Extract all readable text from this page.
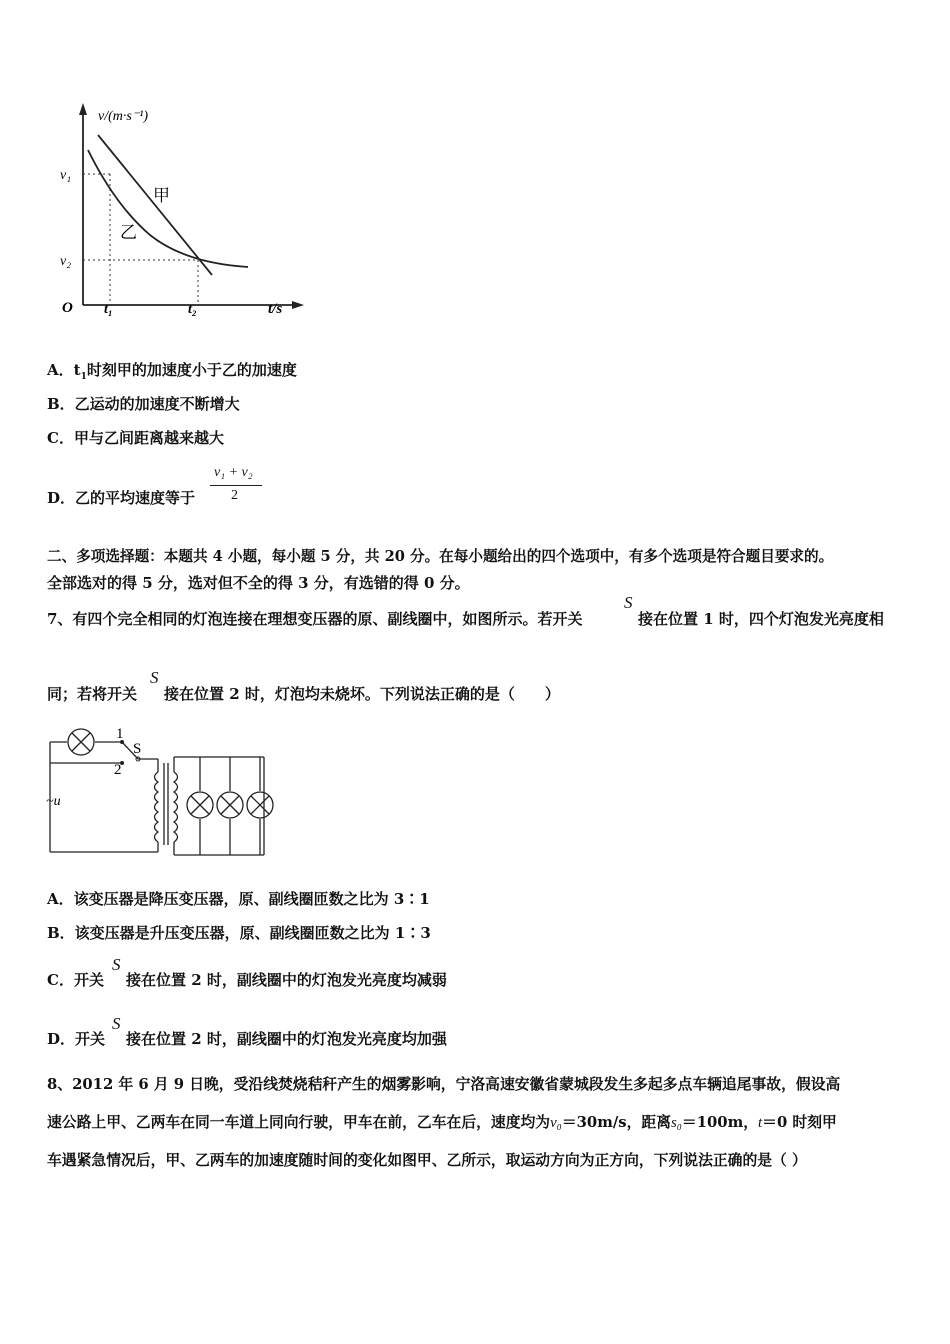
v/(m·s⁻¹)
v₁
v₂
O t₁	t₂	t/s
甲
乙
A．$t_1$时刻甲的加速度小于乙的加速度
B．乙运动的加速度不断增大
C．甲与乙间距离越来越大
D．乙的平均速度等于
v₁ + v₂
2
二、多项选择题：本题共 4 小题，每小题 5 分，共 20 分。在每小题给出的四个选项中，有多个选项是符合题目要求的。
全部选对的得 5 分，选对但不全的得 3 分，有选错的得 0 分。
7、有四个完全相同的灯泡连接在理想变压器的原、副线圈中，如图所示。若开关
S
接在位置 1 时，四个灯泡发光亮度相
同；若将开关
S
接在位置 2 时，灯泡均未烧坏。下列说法正确的是（　　）
1
S
2
~u
A．该变压器是降压变压器，原、副线圈匝数之比为 3∶1
B．该变压器是升压变压器，原、副线圈匝数之比为 1∶3
C．开关
S
接在位置 2 时，副线圈中的灯泡发光亮度均减弱
D．开关
S
接在位置 2 时，副线圈中的灯泡发光亮度均加强
8、2012 年 6 月 9 日晚，受沿线焚烧秸秆产生的烟雾影响，宁洛高速安徽省蒙城段发生多起多点车辆追尾事故，假设高
速公路上甲、乙两车在同一车道上同向行驶，甲车在前，乙车在后，速度均为v₀＝30m/s，距离s₀＝100m，t＝0 时刻甲
车遇紧急情况后，甲、乙两车的加速度随时间的变化如图甲、乙所示，取运动方向为正方向，下列说法正确的是（ ）
